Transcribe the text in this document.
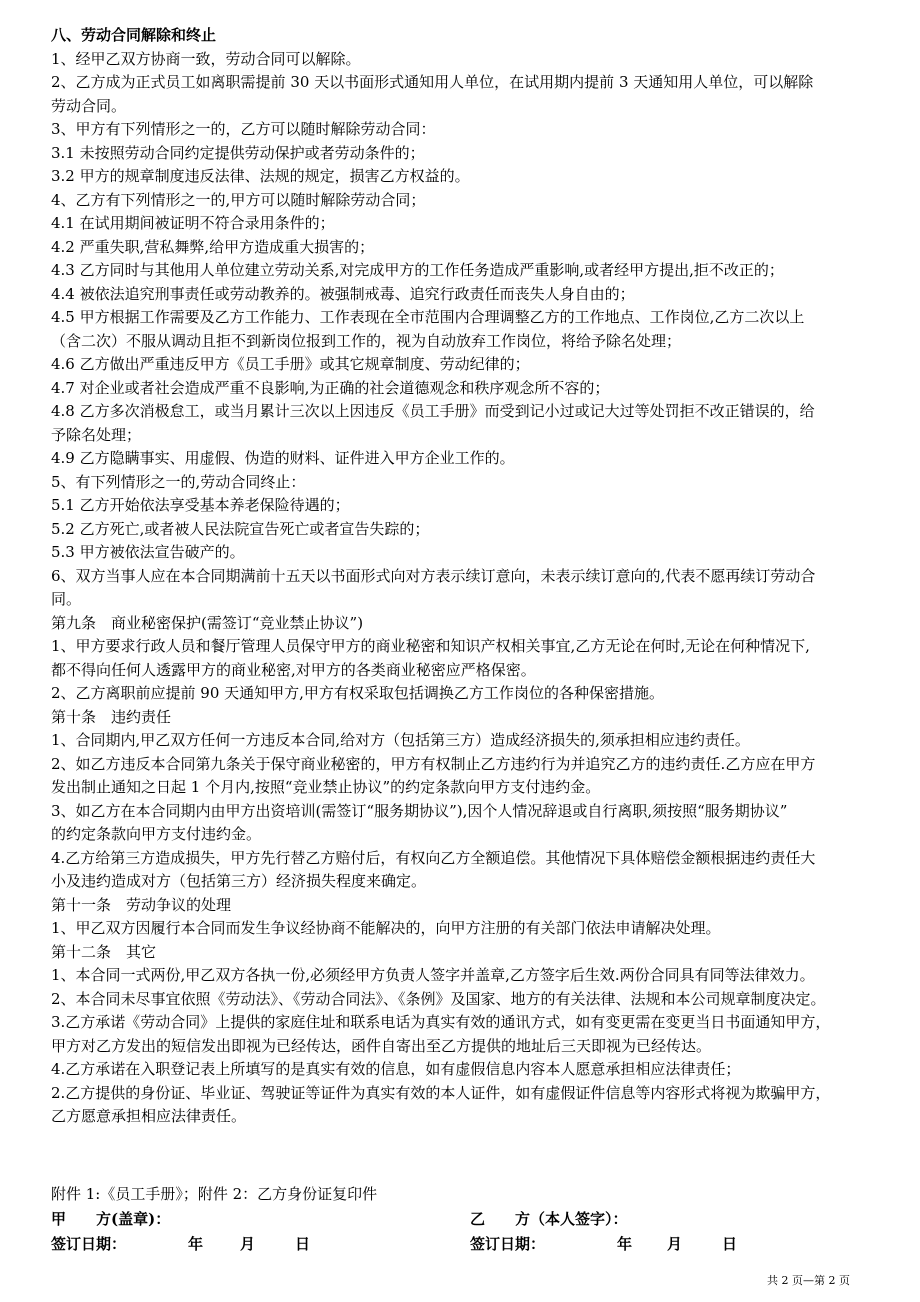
八、劳动合同解除和终止
1、经甲乙双方协商一致，劳动合同可以解除。
2、乙方成为正式员工如离职需提前 30 天以书面形式通知用人单位，在试用期内提前 3 天通知用人单位，可以解除
劳动合同。
3、甲方有下列情形之一的，乙方可以随时解除劳动合同：
3.1 未按照劳动合同约定提供劳动保护或者劳动条件的；
3.2 甲方的规章制度违反法律、法规的规定，损害乙方权益的。
4、乙方有下列情形之一的,甲方可以随时解除劳动合同；
4.1 在试用期间被证明不符合录用条件的；
4.2 严重失职,营私舞弊,给甲方造成重大损害的；
4.3 乙方同时与其他用人单位建立劳动关系,对完成甲方的工作任务造成严重影响,或者经甲方提出,拒不改正的；
4.4 被依法追究刑事责任或劳动教养的。被强制戒毒、追究行政责任而丧失人身自由的；
4.5 甲方根据工作需要及乙方工作能力、工作表现在全市范围内合理调整乙方的工作地点、工作岗位,乙方二次以上
（含二次）不服从调动且拒不到新岗位报到工作的，视为自动放弃工作岗位，将给予除名处理；
4.6 乙方做出严重违反甲方《员工手册》或其它规章制度、劳动纪律的；
4.7 对企业或者社会造成严重不良影响,为正确的社会道德观念和秩序观念所不容的；
4.8 乙方多次消极怠工，或当月累计三次以上因违反《员工手册》而受到记小过或记大过等处罚拒不改正错误的，给
予除名处理；
4.9 乙方隐瞒事实、用虚假、伪造的财料、证件进入甲方企业工作的。
5、有下列情形之一的,劳动合同终止：
5.1 乙方开始依法享受基本养老保险待遇的；
5.2 乙方死亡,或者被人民法院宣告死亡或者宣告失踪的；
5.3 甲方被依法宣告破产的。
6、双方当事人应在本合同期满前十五天以书面形式向对方表示续订意向，未表示续订意向的,代表不愿再续订劳动合
同。
第九条　商业秘密保护(需签订“竞业禁止协议”)
1、甲方要求行政人员和餐厅管理人员保守甲方的商业秘密和知识产权相关事宜,乙方无论在何时,无论在何种情况下,
都不得向任何人透露甲方的商业秘密,对甲方的各类商业秘密应严格保密。
2、乙方离职前应提前 90 天通知甲方,甲方有权采取包括调换乙方工作岗位的各种保密措施。
第十条　违约责任
1、合同期内,甲乙双方任何一方违反本合同,给对方（包括第三方）造成经济损失的,须承担相应违约责任。
2、如乙方违反本合同第九条关于保守商业秘密的，甲方有权制止乙方违约行为并追究乙方的违约责任.乙方应在甲方
发出制止通知之日起 1 个月内,按照“竞业禁止协议”的约定条款向甲方支付违约金。
3、如乙方在本合同期内由甲方出资培训(需签订“服务期协议”),因个人情况辞退或自行离职,须按照“服务期协议”
的约定条款向甲方支付违约金。
4.乙方给第三方造成损失，甲方先行替乙方赔付后，有权向乙方全额追偿。其他情况下具体赔偿金额根据违约责任大
小及违约造成对方（包括第三方）经济损失程度来确定。
第十一条　劳动争议的处理
1、甲乙双方因履行本合同而发生争议经协商不能解决的，向甲方注册的有关部门依法申请解决处理。
第十二条　其它
1、本合同一式两份,甲乙双方各执一份,必须经甲方负责人签字并盖章,乙方签字后生效.两份合同具有同等法律效力。
2、本合同未尽事宜依照《劳动法》、《劳动合同法》、《条例》及国家、地方的有关法律、法规和本公司规章制度决定。
3.乙方承诺《劳动合同》上提供的家庭住址和联系电话为真实有效的通讯方式，如有变更需在变更当日书面通知甲方，
甲方对乙方发出的短信发出即视为已经传达，函件自寄出至乙方提供的地址后三天即视为已经传达。
4.乙方承诺在入职登记表上所填写的是真实有效的信息，如有虚假信息内容本人愿意承担相应法律责任；
2.乙方提供的身份证、毕业证、驾驶证等证件为真实有效的本人证件，如有虚假证件信息等内容形式将视为欺骗甲方，
乙方愿意承担相应法律责任。
附件 1:《员工手册》；附件 2：乙方身份证复印件
甲　　方(盖章)：	乙　　方（本人签字）：
签订日期：	年 月	日	签订日期：	年 月	日
共 2 页—第 2 页
